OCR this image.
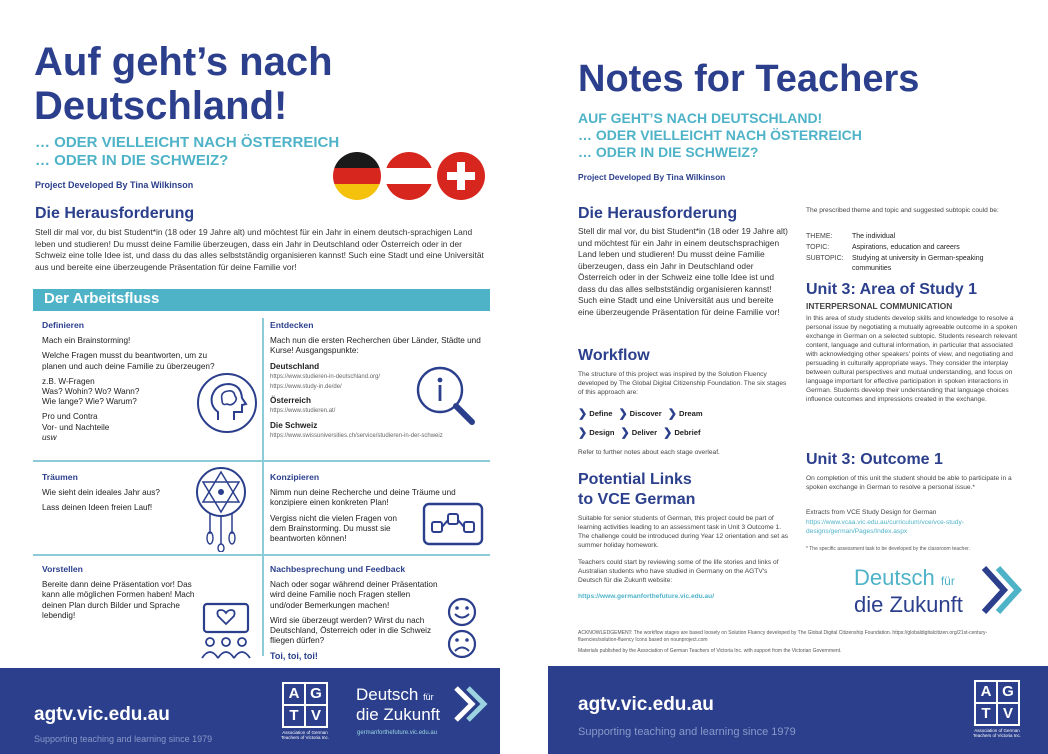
Auf geht’s nach Deutschland!
… ODER VIELLEICHT NACH ÖSTERREICH
… ODER IN DIE SCHWEIZ?
Project Developed By Tina Wilkinson
Die Herausforderung
Stell dir mal vor, du bist Student*in (18 oder 19 Jahre alt) und möchtest für ein Jahr in einem deutsch-sprachigen Land leben und studieren! Du musst deine Familie überzeugen, dass ein Jahr in Deutschland oder Österreich oder in der Schweiz eine tolle Idee ist, und dass du das alles selbstständig organisieren kannst! Such eine Stadt und eine Universität aus und bereite eine überzeugende Präsentation für deine Familie vor!
Der Arbeitsfluss
Definieren

Mach ein Brainstorming!

Welche Fragen musst du beantworten, um zu planen und auch deine Familie zu überzeugen?

z.B. W-Fragen
Was? Wohin? Wo? Wann?
Wie lange? Wie? Warum?
Pro und Contra
Vor- und Nachteile
usw
Entdecken

Mach nun die ersten Recherchen über Länder, Städte und Kurse! Ausgangspunkte:

Deutschland
https://www.studieren-in-deutschland.org/
https://www.study-in.de/de/
Österreich
https://www.studieren.at/
Die Schweiz
https://www.swissuniversities.ch/service/studieren-in-der-schweiz
Träumen

Wie sieht dein ideales Jahr aus?

Lass deinen Ideen freien Lauf!

Konzipieren

Nimm nun deine Recherche und deine Träume und konzipiere einen konkreten Plan!

Vergiss nicht die vielen Fragen von dem Brainstorming. Du musst sie beantworten können!

Vorstellen

Bereite dann deine Präsentation vor! Das kann alle möglichen Formen haben! Mach deinen Plan durch Bilder und Sprache lebendig!

Nachbesprechung und Feedback

Nach oder sogar während deiner Präsentation wird deine Familie noch Fragen stellen und/oder Bemerkungen machen!

Wird sie überzeugt werden? Wirst du nach Deutschland, Österreich oder in die Schweiz fliegen dürfen?

Toi, toi, toi!

agtv.vic.edu.au
Supporting teaching and learning since 1979
A G
T V
Association of German Teachers of Victoria Inc.
Deutsch für
die Zukunft
germanforthefuture.vic.edu.au
Notes for Teachers
AUF GEHT’S NACH DEUTSCHLAND!
… ODER VIELLEICHT NACH ÖSTERREICH
… ODER IN DIE SCHWEIZ?
Project Developed By Tina Wilkinson
Die Herausforderung
Stell dir mal vor, du bist Student*in (18 oder 19 Jahre alt) und möchtest für ein Jahr in einem deutschsprachigen Land leben und studieren! Du musst deine Familie überzeugen, dass ein Jahr in Deutschland oder Österreich oder in der Schweiz eine tolle Idee ist und dass du das alles selbstständig organisieren kannst! Such eine Stadt und eine Universität aus und bereite eine überzeugende Präsentation für deine Familie vor!
Workflow
The structure of this project was inspired by the Solution Fluency developed by The Global Digital Citizenship Foundation. The six stages of this approach are:
❯ Define ❯ Discover ❯ Dream
❯ Design ❯ Deliver ❯ Debrief
Refer to further notes about each stage overleaf.
Potential Links
to VCE German
Suitable for senior students of German, this project could be part of learning activities leading to an assessment task in Unit 3 Outcome 1. The challenge could be introduced during Year 12 orientation and set as summer holiday homework.
Teachers could start by reviewing some of the life stories and links of Australian students who have studied in Germany on the AGTV's Deutsch für die Zukunft website:
https://www.germanforthefuture.vic.edu.au/
The prescribed theme and topic and suggested subtopic could be:
THEME:	The individual
TOPIC:	Aspirations, education and careers
SUBTOPIC:	Studying at university in German-speaking communities
Unit 3: Area of Study 1
INTERPERSONAL COMMUNICATION
In this area of study students develop skills and knowledge to resolve a personal issue by negotiating a mutually agreeable outcome in a spoken exchange in German on a selected subtopic. Students research relevant content, language and cultural information, in particular that associated with acknowledging other speakers' points of view, and negotiating and persuading in culturally appropriate ways. They consider the interplay between cultural perspectives and mutual understanding, and focus on language important for effective participation in spoken interactions in German. Students develop their understanding that language choices influence outcomes and impressions created in the exchange.
Unit 3: Outcome 1
On completion of this unit the student should be able to participate in a spoken exchange in German to resolve a personal issue.*
Extracts from VCE Study Design for German
https://www.vcaa.vic.edu.au/curriculum/vce/vce-study-designs/german/Pages/Index.aspx
* The specific assessment task to be developed by the classroom teacher.
Deutsch für
die Zukunft
ACKNOWLEDGEMENT: The workflow stages are based loosely on Solution Fluency developed by The Global Digital Citizenship Foundation. https://globaldigitalcitizen.org/21st-century-fluencies/solution-fluency Icons based on nounproject.com
Materials published by the Association of German Teachers of Victoria Inc. with support from the Victorian Government.
agtv.vic.edu.au
Supporting teaching and learning since 1979
A G
T V
Association of German Teachers of Victoria Inc.
